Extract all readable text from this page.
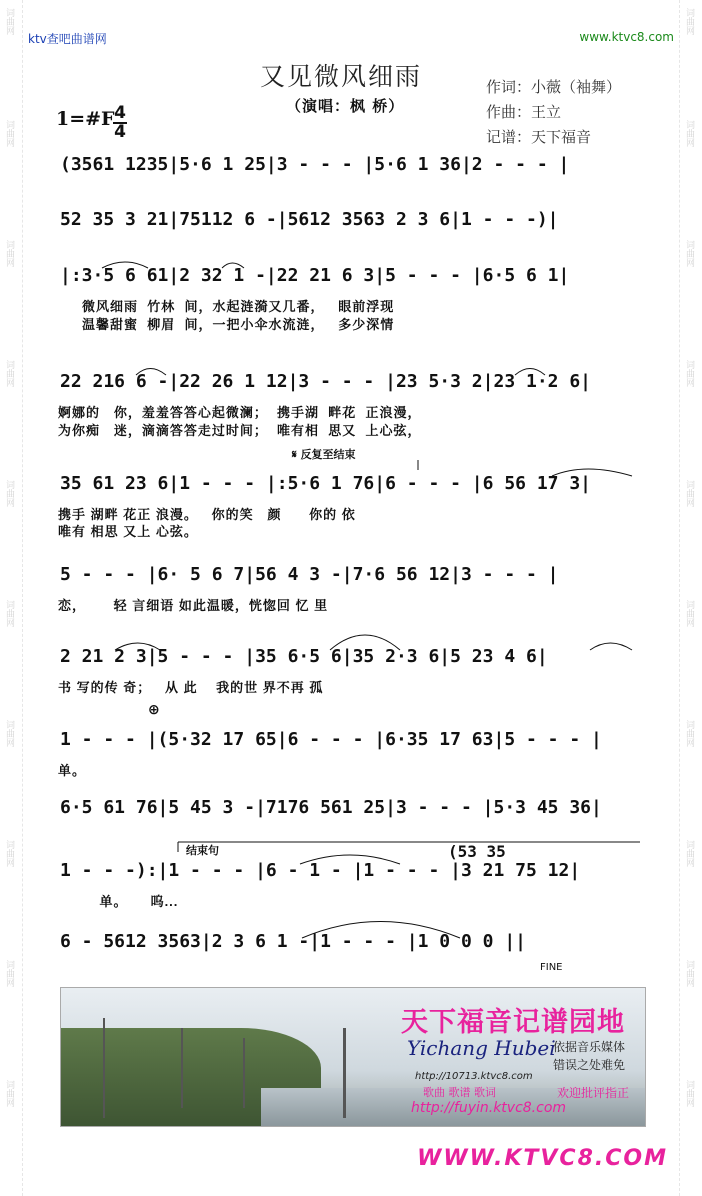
词曲网
词曲网
词曲网
词曲网
词曲网
词曲网
词曲网
词曲网
词曲网
词曲网
词曲网
词曲网
词曲网
词曲网
词曲网
词曲网
词曲网
词曲网
词曲网
词曲网
ktv查吧曲谱网	www.ktvc8.com
又见微风细雨
（演唱：枫 桥）
作词：小薇（袖舞）
作曲：王立
记谱：天下福音
1=#F 4
4
(3561 1235|5·6 1 25|3 - - - |5·6 1 36|2 - - - |
52 35 3 21|75112 6 -|5612 3563 2 3 6|1 - - -)|
|:3·5 6 61|2 32 1 -|22 21 6 3|5 - - - |6·5 6 1|
微风细雨  竹林  间，水起涟漪又几番，   眼前浮现
温馨甜蜜  柳眉  间，一把小伞水流涟，   多少深情
22 216 6 -|22 26 1 12|3 - - - |23 5·3 2|23 1·2 6|
婀娜的   你，羞羞答答心起微澜；  携手湖  畔花  正浪漫，
为你痴   迷，滴滴答答走过时间；  唯有相  思又  上心弦，
𝄋 反复至结束
35 61 23 6|1 - - - |:5·6 1 76|6 - - - |6 56 17 3|
携手 湖畔 花正 浪漫。   你的笑   颜      你的 依
唯有 相思 又上 心弦。
5 - - - |6· 5 6 7|56 4 3 -|7·6 56 12|3 - - - |
恋，      轻 言细语 如此温暖，恍惚回 忆 里
2 21 2 3|5 - - - |35 6·5 6|35 2·3 6|5 23 4 6|
书 写的传 奇；   从 此    我的世 界不再 孤
⊕
1 - - - |(5·32 17 65|6 - - - |6·35 17 63|5 - - - |
单。
6·5 61 76|5 45 3 -|7176 561 25|3 - - - |5·3 45 36|
结束句	(53 35
1 - - -):|1 - - - |6 - 1 - |1 - - - |3 21 75 12|
单。     呜...
6 - 5612 3563|2 3 6 1 -|1 - - - |1 0 0 0 ||
FINE
天下福音记谱园地
Yichang Hubei
依据音乐媒体
错误之处难免
http://10713.ktvc8.com
歌曲 歌谱 歌词	欢迎批评指正
http://fuyin.ktvc8.com
WWW.KTVC8.COM
